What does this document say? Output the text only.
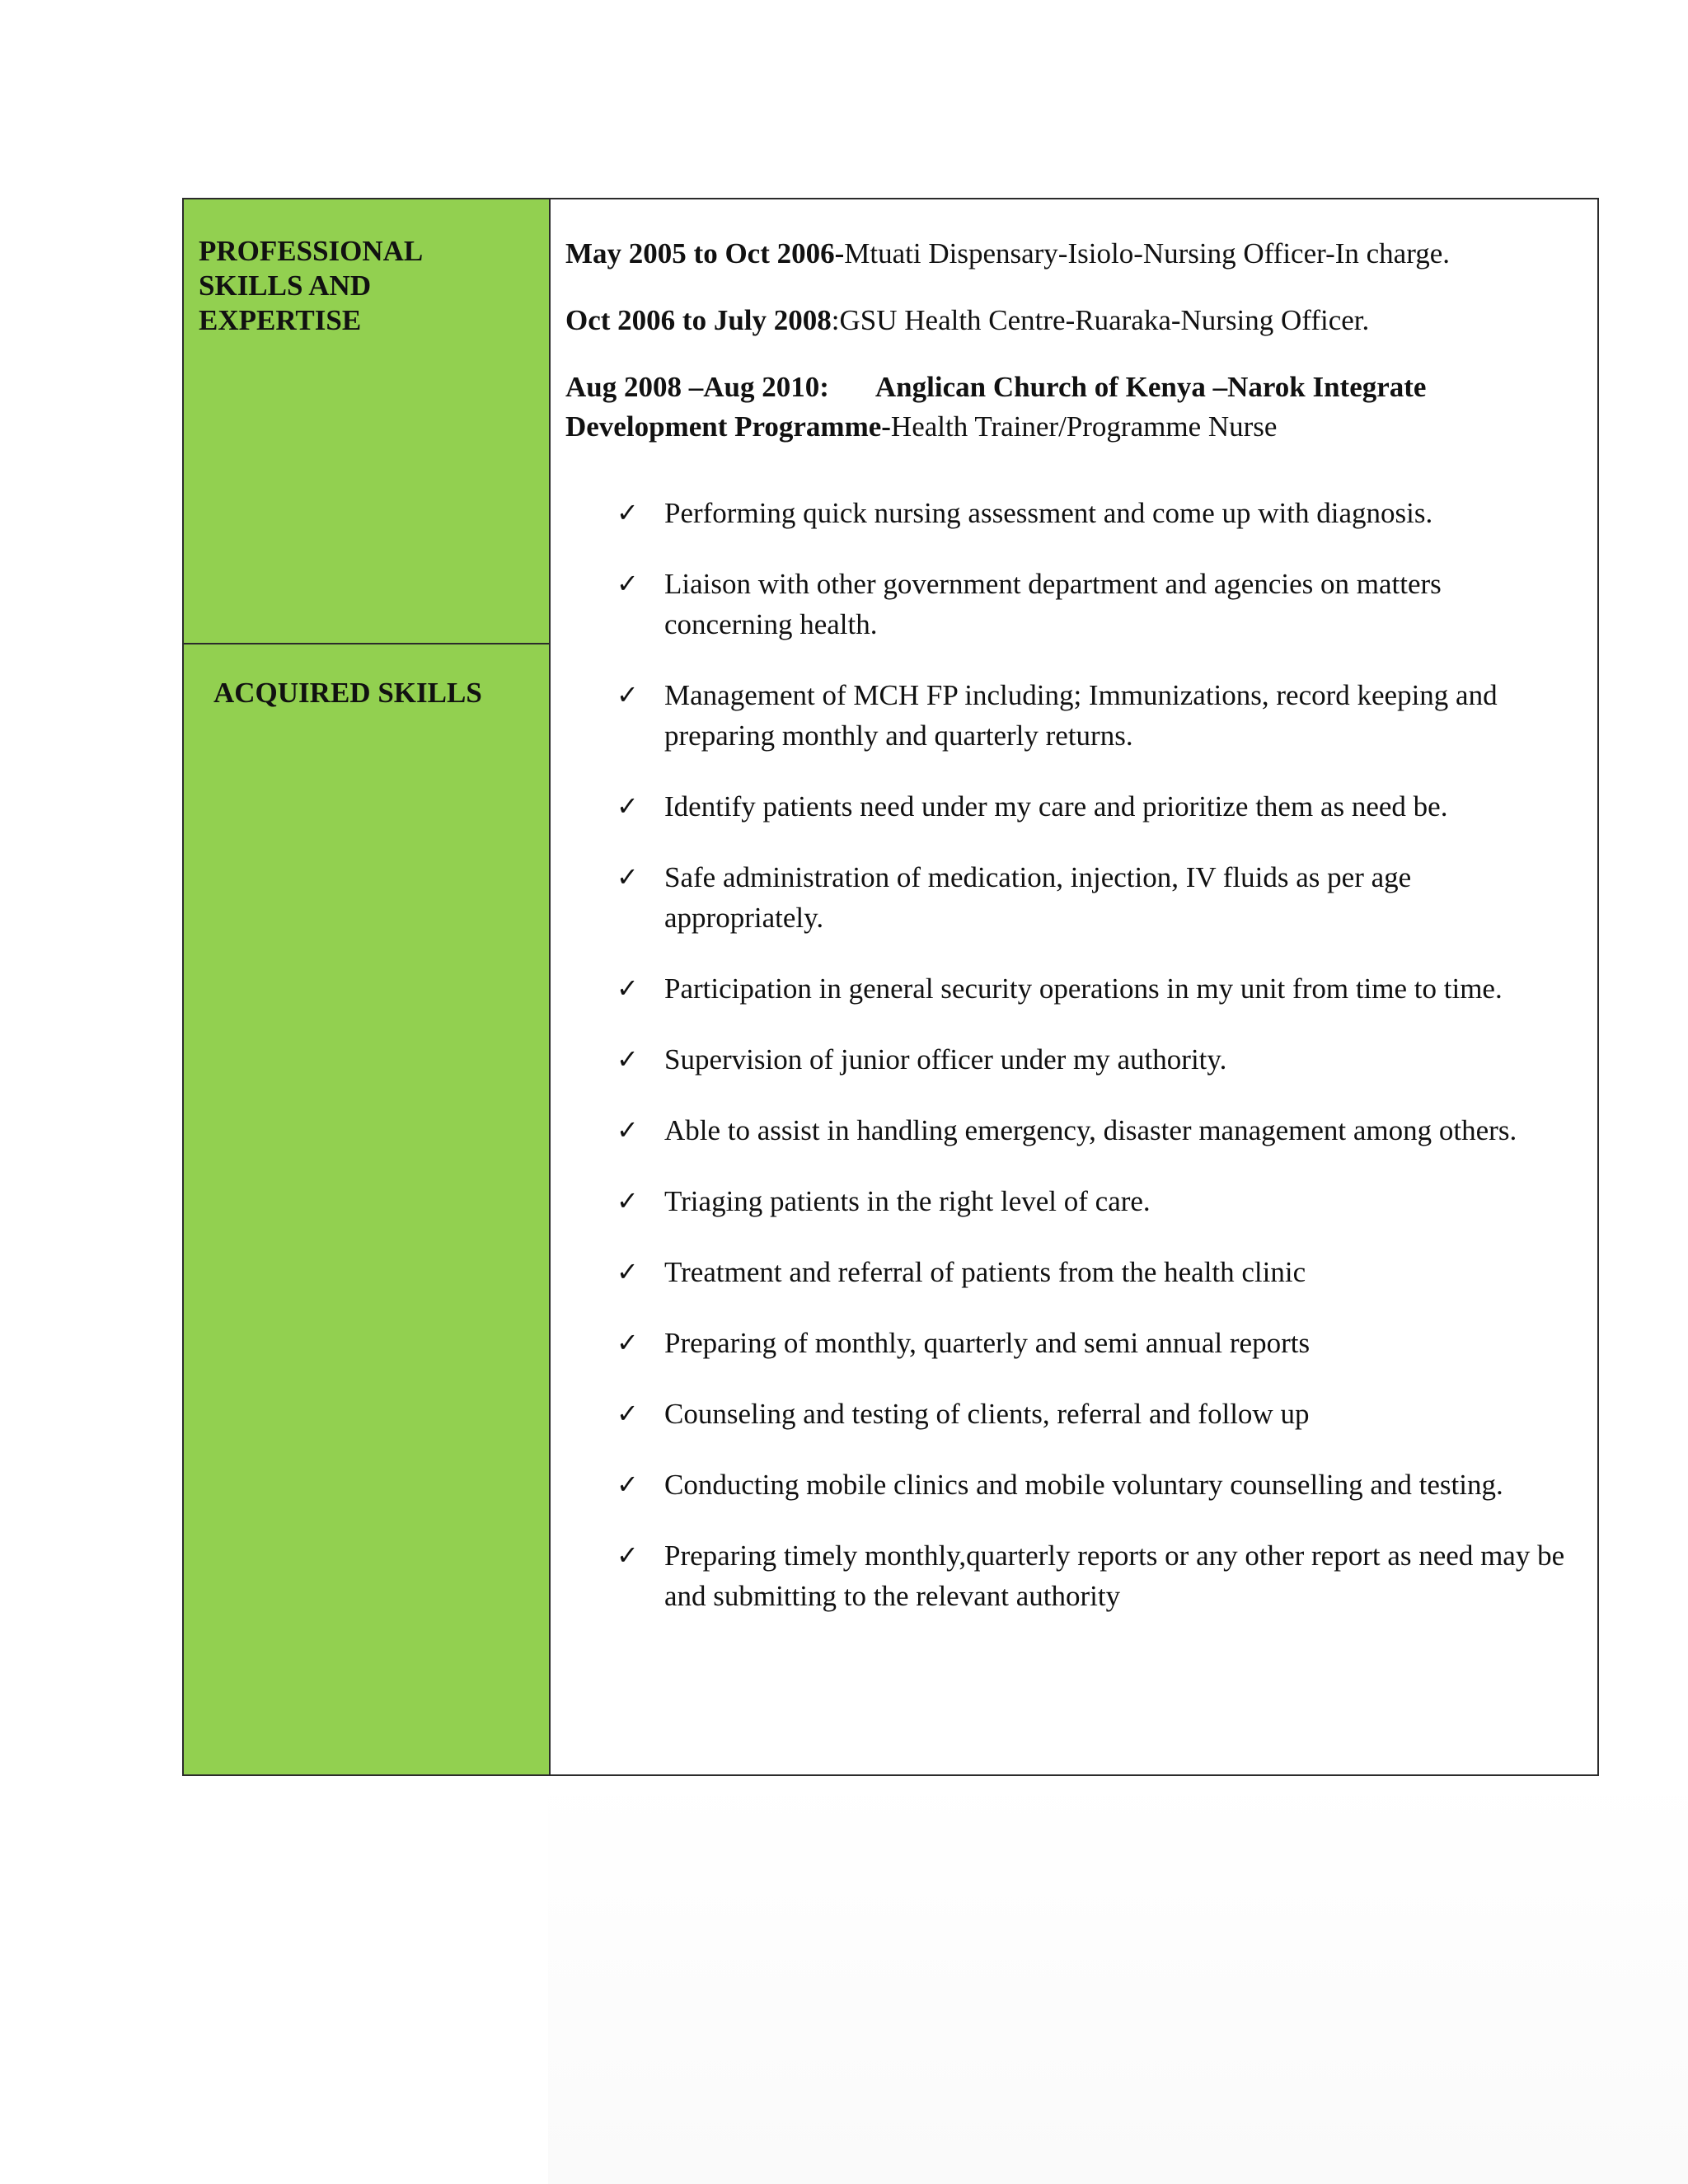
PROFESSIONAL
SKILLS AND
EXPERTISE

ACQUIRED SKILLS

May 2005 to Oct 2006-Mtuati Dispensary-Isiolo-Nursing Officer-In charge.

Oct 2006 to July 2008:GSU Health Centre-Ruaraka-Nursing Officer.

Aug 2008 –Aug 2010: Anglican Church of Kenya –Narok Integrate Development Programme-Health Trainer/Programme Nurse

✓ Performing quick nursing assessment and come up with diagnosis.
✓ Liaison with other government department and agencies on matters concerning health.
✓ Management of MCH FP including; Immunizations, record keeping and preparing monthly and quarterly returns.
✓ Identify patients need under my care and prioritize them as need be.
✓ Safe administration of medication, injection, IV fluids as per age appropriately.
✓ Participation in general security operations in my unit from time to time.
✓ Supervision of junior officer under my authority.
✓ Able to assist in handling emergency, disaster management among others.
✓ Triaging patients in the right level of care.
✓ Treatment and referral of patients from the health clinic
✓ Preparing of monthly, quarterly and semi annual reports
✓ Counseling and testing of clients, referral and follow up
✓ Conducting mobile clinics and mobile voluntary counselling and testing.
✓ Preparing timely monthly,quarterly reports or any other report as need may be and submitting to the relevant authority
